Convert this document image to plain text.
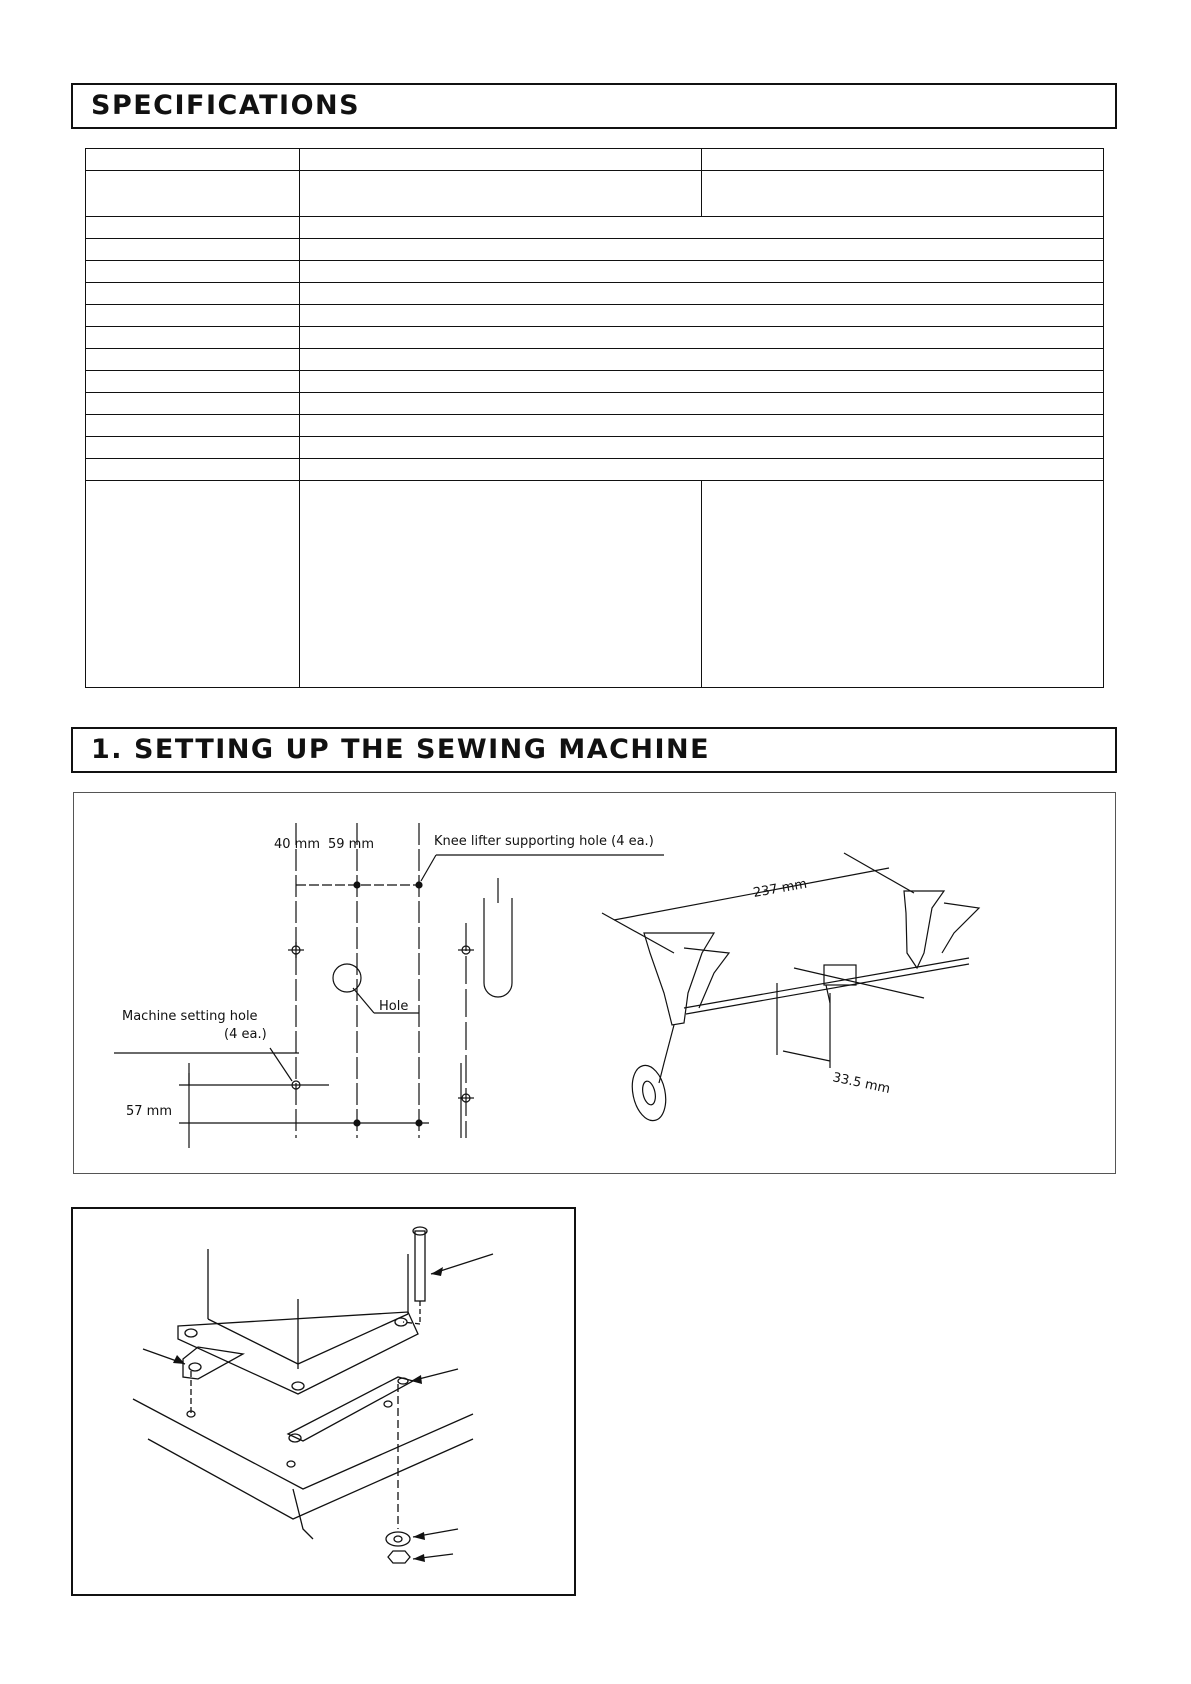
SPECIFICATIONS

1. SETTING UP THE SEWING MACHINE
40 mm 59 mm	Knee lifter supporting hole (4 ea.)
Hole
Machine setting hole
(4 ea.)
57 mm
237 mm
33.5 mm
